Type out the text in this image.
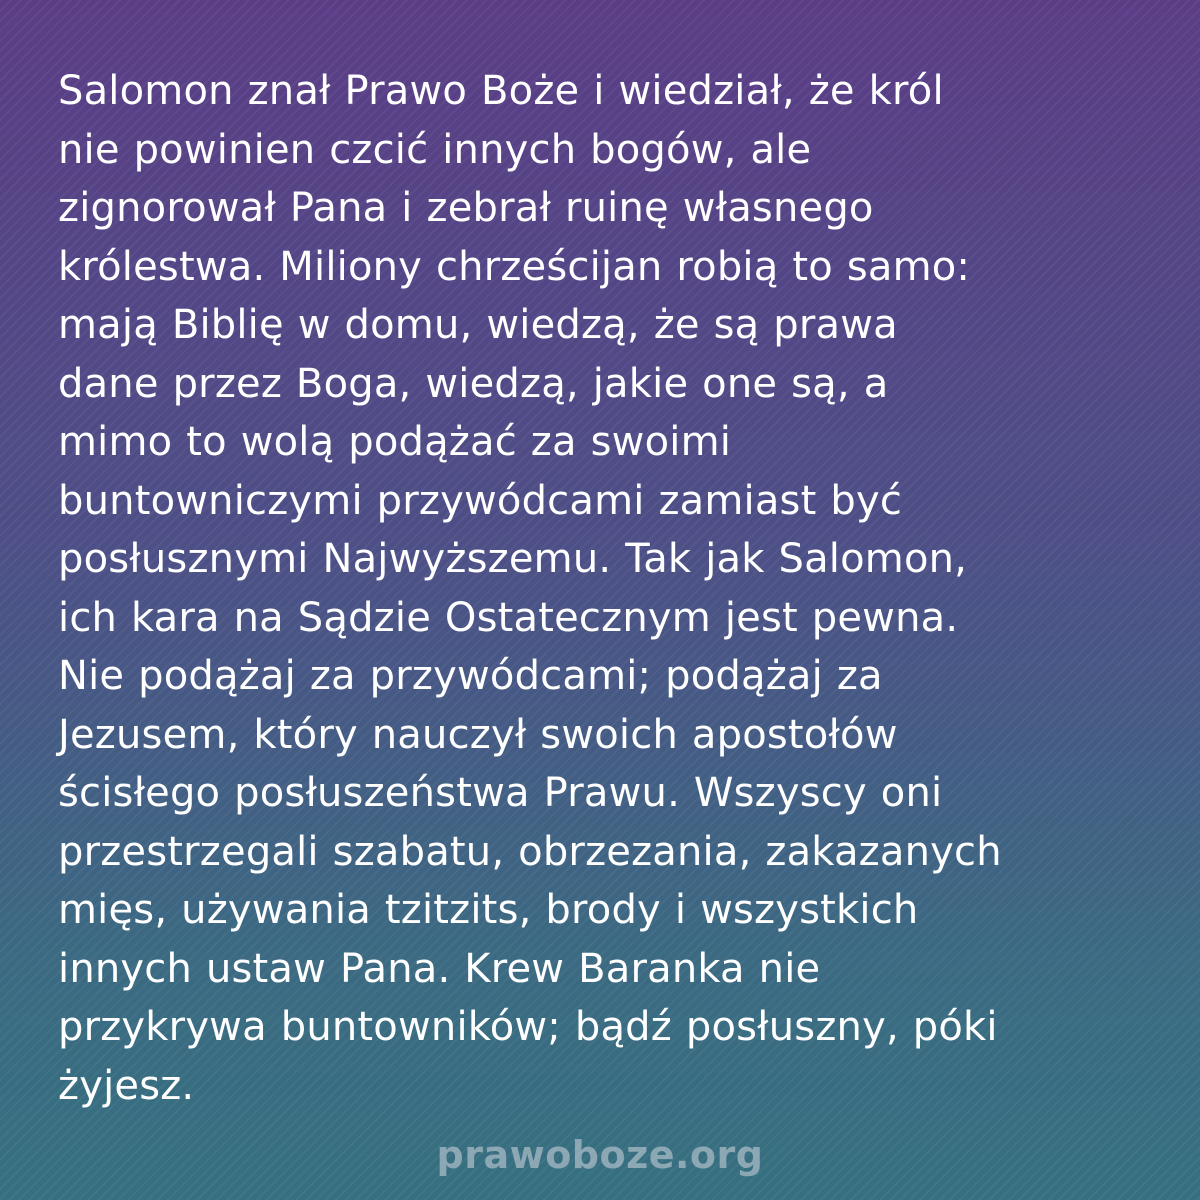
Salomon znał Prawo Boże i wiedział, że król
nie powinien czcić innych bogów, ale
zignorował Pana i zebrał ruinę własnego
królestwa. Miliony chrześcijan robią to samo:
mają Biblię w domu, wiedzą, że są prawa
dane przez Boga, wiedzą, jakie one są, a
mimo to wolą podążać za swoimi
buntowniczymi przywódcami zamiast być
posłusznymi Najwyższemu. Tak jak Salomon,
ich kara na Sądzie Ostatecznym jest pewna.
Nie podążaj za przywódcami; podążaj za
Jezusem, który nauczył swoich apostołów
ścisłego posłuszeństwa Prawu. Wszyscy oni
przestrzegali szabatu, obrzezania, zakazanych
mięs, używania tzitzits, brody i wszystkich
innych ustaw Pana. Krew Baranka nie
przykrywa buntowników; bądź posłuszny, póki
żyjesz.

prawoboze.org
